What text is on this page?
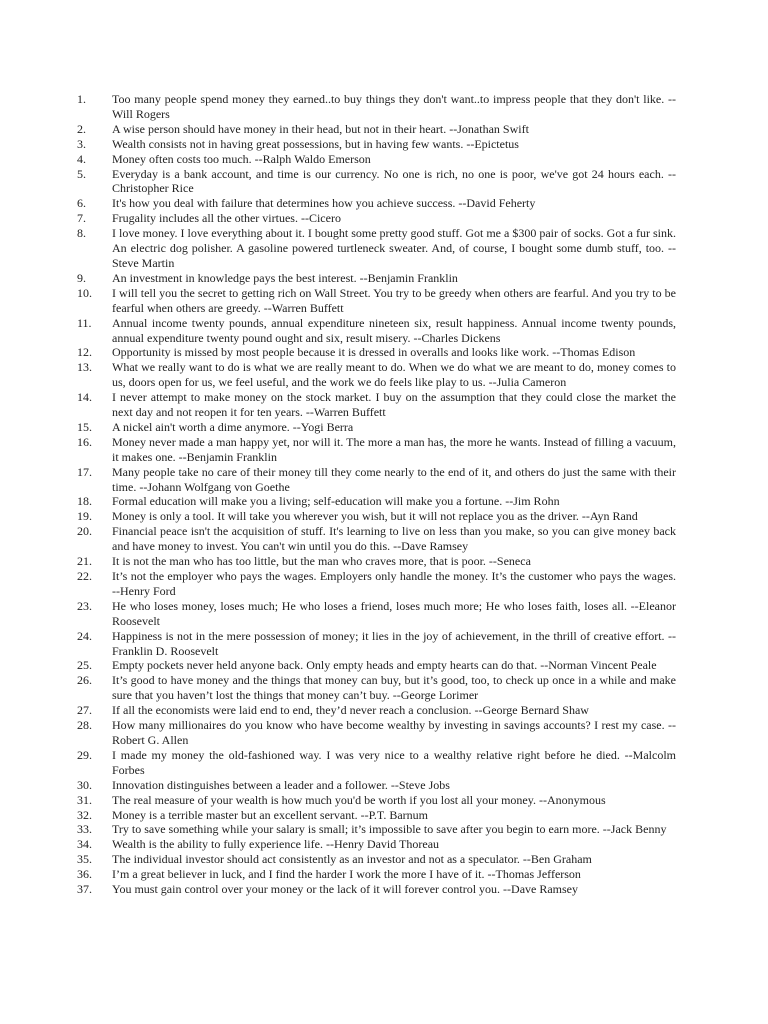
1.	Too many people spend money they earned..to buy things they don't want..to impress people that they don't like. --Will Rogers
2.	A wise person should have money in their head, but not in their heart. --Jonathan Swift
3.	Wealth consists not in having great possessions, but in having few wants. --Epictetus
4.	Money often costs too much. --Ralph Waldo Emerson
5.	Everyday is a bank account, and time is our currency. No one is rich, no one is poor, we've got 24 hours each. --Christopher Rice
6.	It's how you deal with failure that determines how you achieve success. --David Feherty
7.	Frugality includes all the other virtues. --Cicero
8.	I love money. I love everything about it. I bought some pretty good stuff. Got me a $300 pair of socks. Got a fur sink. An electric dog polisher. A gasoline powered turtleneck sweater. And, of course, I bought some dumb stuff, too. --Steve Martin
9.	An investment in knowledge pays the best interest. --Benjamin Franklin
10.	I will tell you the secret to getting rich on Wall Street. You try to be greedy when others are fearful. And you try to be fearful when others are greedy. --Warren Buffett
11.	Annual income twenty pounds, annual expenditure nineteen six, result happiness. Annual income twenty pounds, annual expenditure twenty pound ought and six, result misery. --Charles Dickens
12.	Opportunity is missed by most people because it is dressed in overalls and looks like work. --Thomas Edison
13.	What we really want to do is what we are really meant to do. When we do what we are meant to do, money comes to us, doors open for us, we feel useful, and the work we do feels like play to us. --Julia Cameron
14.	I never attempt to make money on the stock market. I buy on the assumption that they could close the market the next day and not reopen it for ten years. --Warren Buffett
15.	A nickel ain't worth a dime anymore. --Yogi Berra
16.	Money never made a man happy yet, nor will it. The more a man has, the more he wants. Instead of filling a vacuum, it makes one. --Benjamin Franklin
17.	Many people take no care of their money till they come nearly to the end of it, and others do just the same with their time. --Johann Wolfgang von Goethe
18.	Formal education will make you a living; self-education will make you a fortune. --Jim Rohn
19.	Money is only a tool. It will take you wherever you wish, but it will not replace you as the driver. --Ayn Rand
20.	Financial peace isn't the acquisition of stuff. It's learning to live on less than you make, so you can give money back and have money to invest. You can't win until you do this. --Dave Ramsey
21.	It is not the man who has too little, but the man who craves more, that is poor. --Seneca
22.	It’s not the employer who pays the wages. Employers only handle the money. It’s the customer who pays the wages. --Henry Ford
23.	He who loses money, loses much; He who loses a friend, loses much more; He who loses faith, loses all. --Eleanor Roosevelt
24.	Happiness is not in the mere possession of money; it lies in the joy of achievement, in the thrill of creative effort. --Franklin D. Roosevelt
25.	Empty pockets never held anyone back. Only empty heads and empty hearts can do that. --Norman Vincent Peale
26.	It’s good to have money and the things that money can buy, but it’s good, too, to check up once in a while and make sure that you haven’t lost the things that money can’t buy. --George Lorimer
27.	If all the economists were laid end to end, they’d never reach a conclusion. --George Bernard Shaw
28.	How many millionaires do you know who have become wealthy by investing in savings accounts? I rest my case. --Robert G. Allen
29.	I made my money the old-fashioned way. I was very nice to a wealthy relative right before he died. --Malcolm Forbes
30.	Innovation distinguishes between a leader and a follower. --Steve Jobs
31.	The real measure of your wealth is how much you'd be worth if you lost all your money. --Anonymous
32.	Money is a terrible master but an excellent servant. --P.T. Barnum
33.	Try to save something while your salary is small; it’s impossible to save after you begin to earn more. --Jack Benny
34.	Wealth is the ability to fully experience life. --Henry David Thoreau
35.	The individual investor should act consistently as an investor and not as a speculator. --Ben Graham
36.	I’m a great believer in luck, and I find the harder I work the more I have of it. --Thomas Jefferson
37.	You must gain control over your money or the lack of it will forever control you. --Dave Ramsey
